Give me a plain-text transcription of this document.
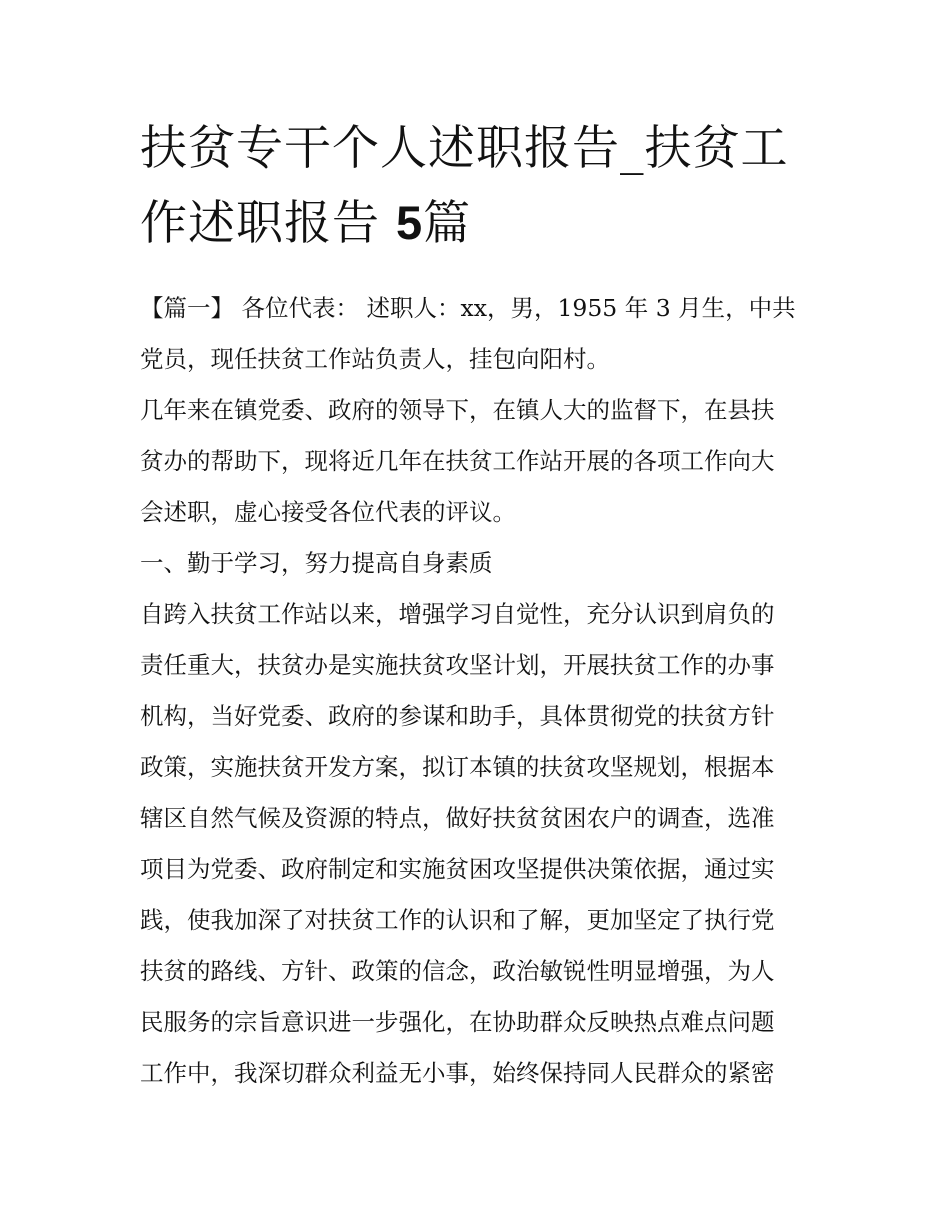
扶贫专干个人述职报告_扶贫工
作述职报告 5篇
【篇一】 各位代表： 述职人：xx，男，1955 年 3 月生，中共
党员，现任扶贫工作站负责人，挂包向阳村。
几年来在镇党委、政府的领导下，在镇人大的监督下，在县扶
贫办的帮助下，现将近几年在扶贫工作站开展的各项工作向大
会述职，虚心接受各位代表的评议。
一、勤于学习，努力提高自身素质
自跨入扶贫工作站以来，增强学习自觉性，充分认识到肩负的
责任重大，扶贫办是实施扶贫攻坚计划，开展扶贫工作的办事
机构，当好党委、政府的参谋和助手，具体贯彻党的扶贫方针
政策，实施扶贫开发方案，拟订本镇的扶贫攻坚规划，根据本
辖区自然气候及资源的特点，做好扶贫贫困农户的调查，选准
项目为党委、政府制定和实施贫困攻坚提供决策依据，通过实
践，使我加深了对扶贫工作的认识和了解，更加坚定了执行党
扶贫的路线、方针、政策的信念，政治敏锐性明显增强，为人
民服务的宗旨意识进一步强化，在协助群众反映热点难点问题
工作中，我深切群众利益无小事，始终保持同人民群众的紧密
